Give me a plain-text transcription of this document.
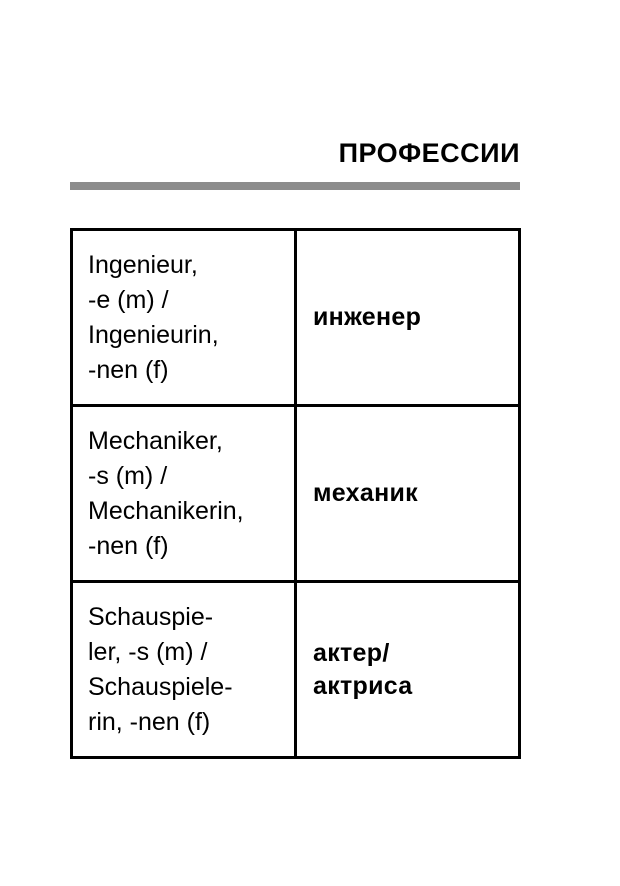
ПРОФЕССИИ
Ingenieur,
-e (m) /
Ingenieurin,
-nen (f)	инженер

Mechaniker,
-s (m) /
Mechanikerin,
-nen (f)	механик

Schauspie-
ler, -s (m) /
Schauspiele-
rin, -nen (f)	актер/
актриса
